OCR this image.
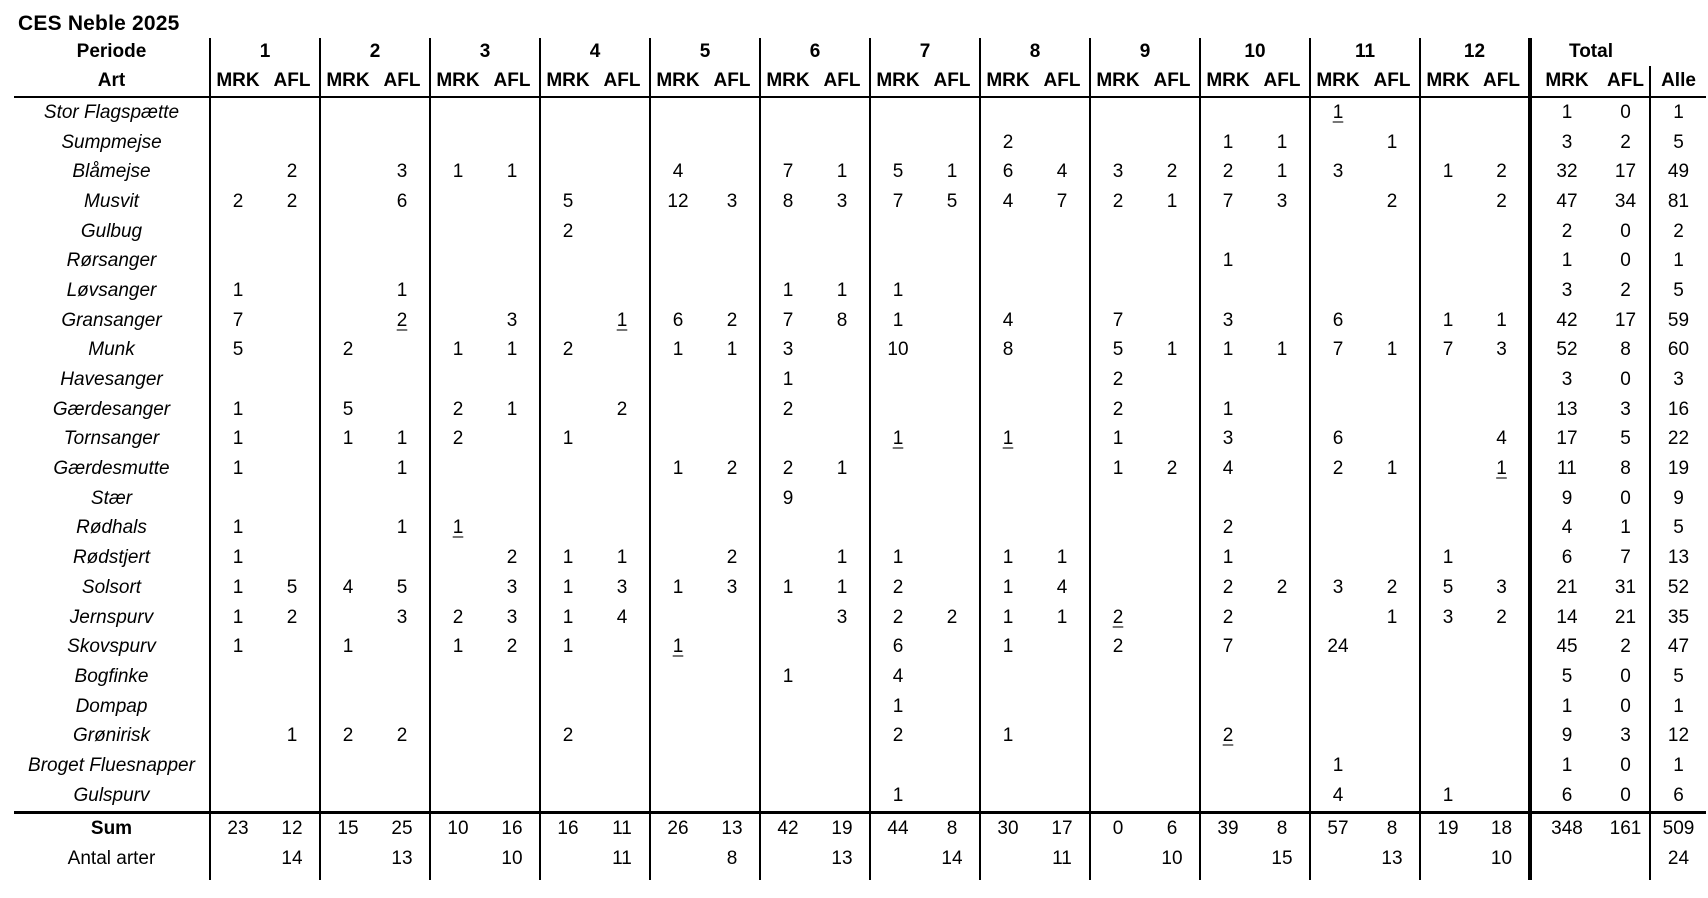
CES Neble 2025
Periode	1		2		3		4		5		6		7		8		9		10		11		12		Total		
Art	MRK	AFL	MRK	AFL	MRK	AFL	MRK	AFL	MRK	AFL	MRK	AFL	MRK	AFL	MRK	AFL	MRK	AFL	MRK	AFL	MRK	AFL	MRK	AFL	MRK	AFL	Alle
Stor Flagspætte																					1				1	0	1
Sumpmejse															2				1	1		1			3	2	5
Blåmejse		2		3	1	1			4		7	1	5	1	6	4	3	2	2	1	3		1	2	32	17	49
Musvit	2	2		6			5		12	3	8	3	7	5	4	7	2	1	7	3		2		2	47	34	81
Gulbug							2																		2	0	2
Rørsanger																			1						1	0	1
Løvsanger	1			1							1	1	1												3	2	5
Gransanger	7			2		3		1	6	2	7	8	1		4		7		3		6		1	1	42	17	59
Munk	5		2		1	1	2		1	1	3		10		8		5	1	1	1	7	1	7	3	52	8	60
Havesanger											1						2								3	0	3
Gærdesanger	1		5		2	1		2			2						2		1						13	3	16
Tornsanger	1		1	1	2		1						1		1		1		3		6			4	17	5	22
Gærdesmutte	1			1					1	2	2	1					1	2	4		2	1		1	11	8	19
Stær											9														9	0	9
Rødhals	1			1	1														2						4	1	5
Rødstjert	1					2	1	1		2		1	1		1	1			1				1		6	7	13
Solsort	1	5	4	5		3	1	3	1	3	1	1	2		1	4			2	2	3	2	5	3	21	31	52
Jernspurv	1	2		3	2	3	1	4				3	2	2	1	1	2		2			1	3	2	14	21	35
Skovspurv	1		1		1	2	1		1				6		1		2		7		24				45	2	47
Bogfinke											1		4												5	0	5
Dompap													1												1	0	1
Grønirisk		1	2	2			2						2		1				2						9	3	12
Broget Fluesnapper																					1				1	0	1
Gulspurv													1								4		1		6	0	6
Sum	23	12	15	25	10	16	16	11	26	13	42	19	44	8	30	17	0	6	39	8	57	8	19	18	348	161	509
Antal arter		14		13		10		11		8		13		14		11		10		15		13		10			24
